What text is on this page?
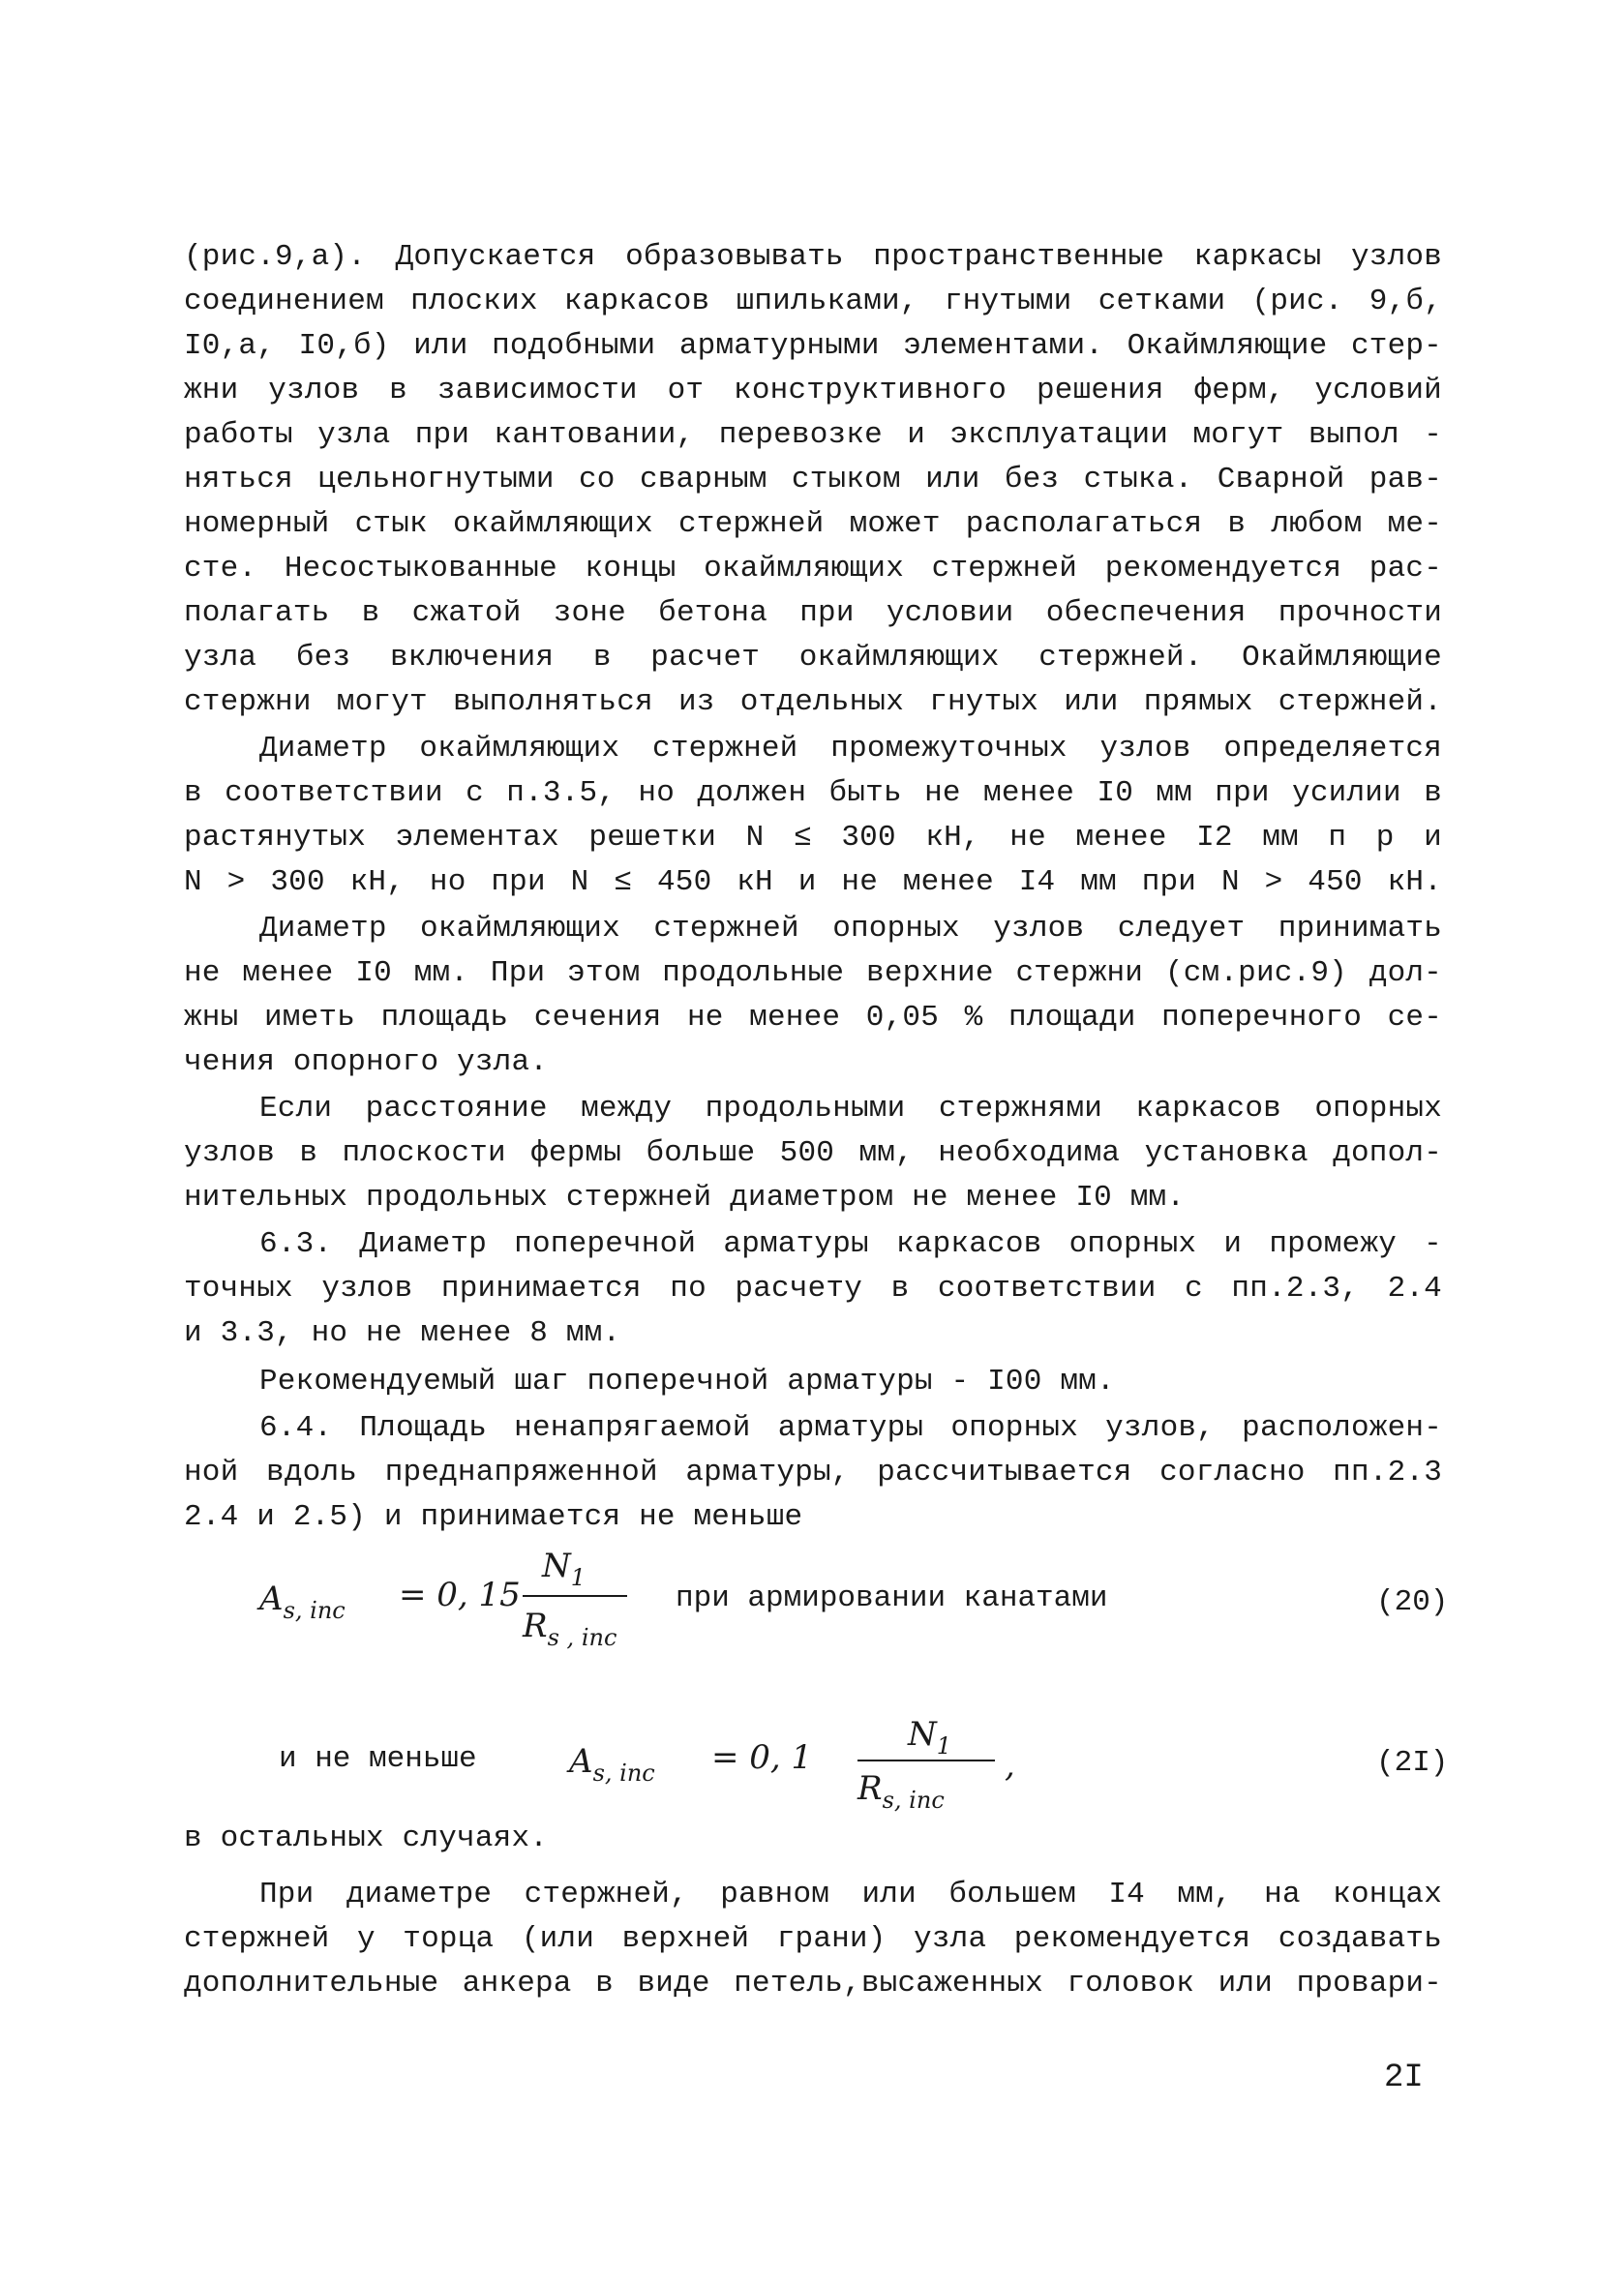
(рис.9,а). Допускается образовывать пространственные каркасы узлов
соединением плоских каркасов шпильками, гнутыми сетками (рис. 9,б,
I0,а, I0,б) или подобными арматурными элементами. Окаймляющие стер-
жни узлов в зависимости от конструктивного решения ферм, условий
работы узла при кантовании, перевозке и эксплуатации могут выпол -
няться цельногнутыми со сварным стыком или без стыка. Сварной рав-
номерный стык окаймляющих стержней может располагаться в любом ме-
сте. Несостыкованные концы окаймляющих стержней рекомендуется рас-
полагать в сжатой зоне бетона при условии обеспечения прочности
узла без включения в расчет окаймляющих стержней. Окаймляющие
стержни могут выполняться из отдельных гнутых или прямых стержней.
Диаметр окаймляющих стержней промежуточных узлов определяется
в соответствии с п.3.5, но должен быть не менее I0 мм при усилии в
растянутых элементах решетки N ≤ 300 кН, не менее I2 мм п р и
N > 300 кН, но при N ≤ 450 кН и не менее I4 мм при N > 450 кН.
Диаметр окаймляющих стержней опорных узлов следует принимать
не менее I0 мм. При этом продольные верхние стержни (см.рис.9) дол-
жны иметь площадь сечения не менее 0,05 % площади поперечного се-
чения опорного узла.
Если расстояние между продольными стержнями каркасов опорных
узлов в плоскости фермы больше 500 мм, необходима установка допол-
нительных продольных стержней диаметром не менее I0 мм.
6.3. Диаметр поперечной арматуры каркасов опорных и промежу -
точных узлов принимается по расчету в соответствии с пп.2.3, 2.4
и 3.3, но не менее 8 мм.
Рекомендуемый шаг поперечной арматуры - I00 мм.
6.4. Площадь ненапрягаемой арматуры опорных узлов, расположен-
ной вдоль преднапряженной арматуры, рассчитывается согласно пп.2.3
2.4 и 2.5) и принимается не меньше
$A_{s, inc} = 0$, 15
$N_1$
$R_{s , inc}$
при армировании канатами	(20)
и не меньше	$A_{s, inc} = 0$, 1
$N_1$
$R_{s, inc}$
,	(2I)
в остальных случаях.
При диаметре стержней, равном или большем I4 мм, на концах
стержней у торца (или верхней грани) узла рекомендуется создавать
дополнительные анкера в виде петель,высаженных головок или провари-
2I
